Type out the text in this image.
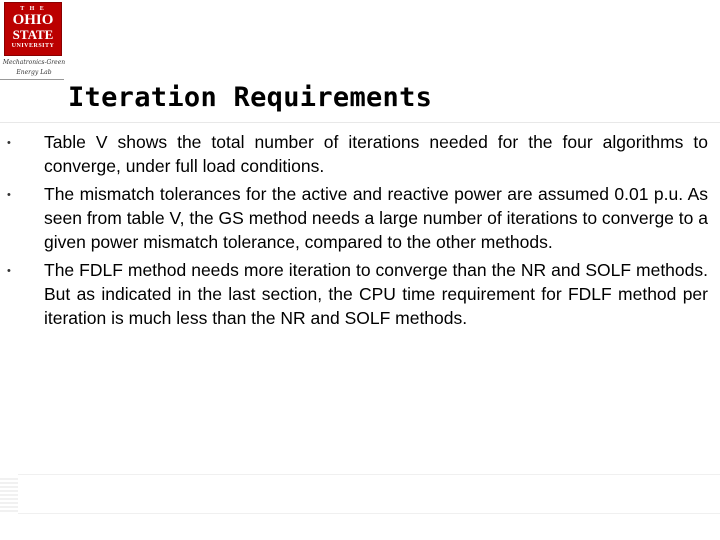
T H E
OHIO
STATE
UNIVERSITY
Mechatronics-Green
Energy Lab
Iteration Requirements
• Table V shows the total number of iterations needed for the four algorithms to converge, under full load conditions.
• The mismatch tolerances for the active and reactive power are assumed 0.01 p.u. As seen from table V, the GS method needs a large number of iterations to converge to a given power mismatch tolerance, compared to the other methods.
• The FDLF method needs more iteration to converge than the NR and SOLF methods. But as indicated in the last section, the CPU time requirement for FDLF method per iteration is much less than the NR and SOLF methods.
